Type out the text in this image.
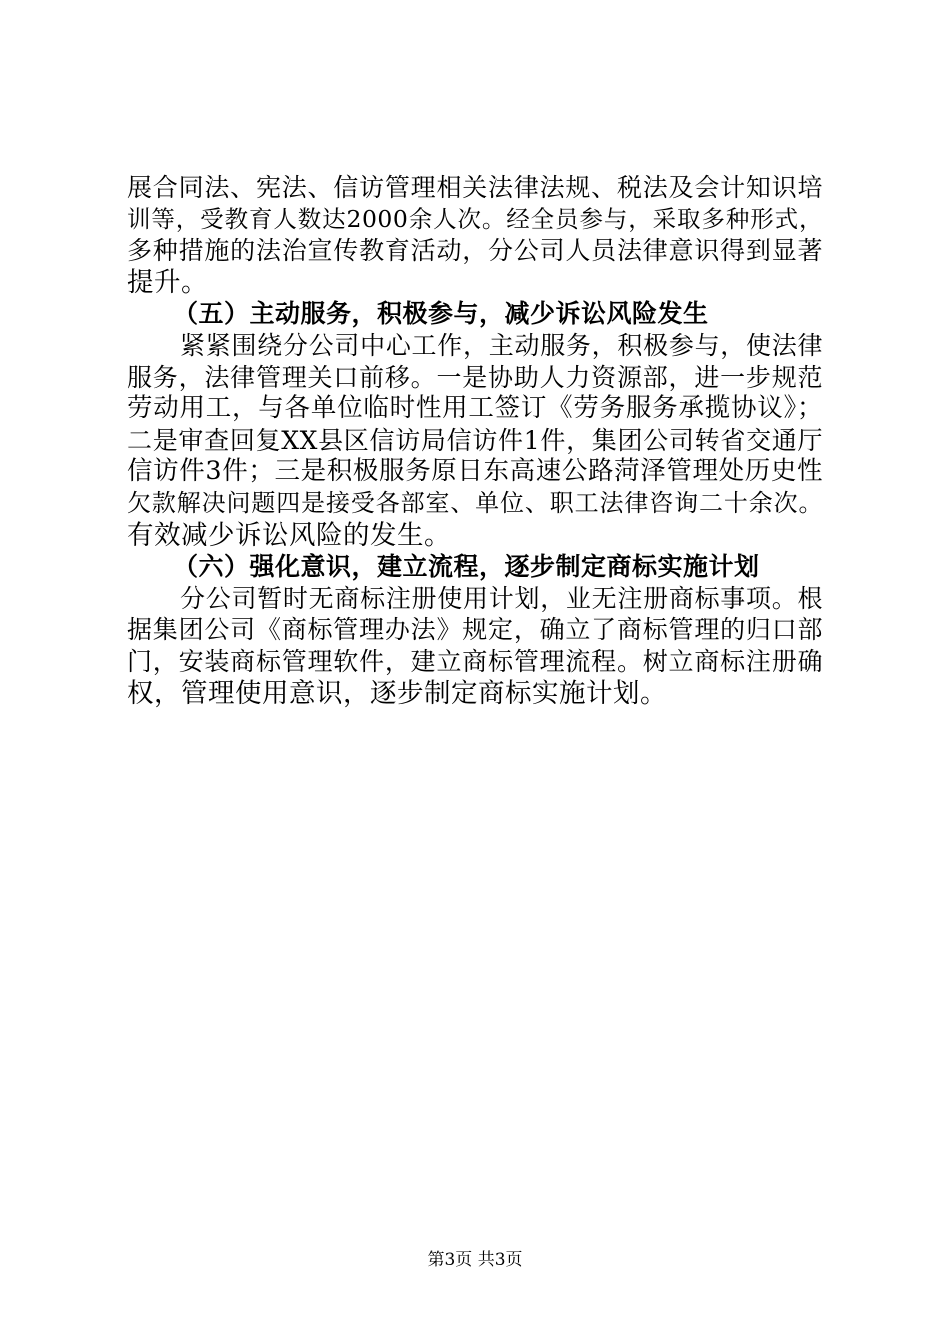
展合同法、宪法、信访管理相关法律法规、税法及会计知识培
训等，受教育人数达2000余人次。经全员参与，采取多种形式，
多种措施的法治宣传教育活动，分公司人员法律意识得到显著
提升。
（五）主动服务，积极参与，减少诉讼风险发生
紧紧围绕分公司中心工作，主动服务，积极参与，使法律
服务，法律管理关口前移。一是协助人力资源部，进一步规范
劳动用工，与各单位临时性用工签订《劳务服务承揽协议》；
二是审查回复XX县区信访局信访件1件，集团公司转省交通厅
信访件3件；三是积极服务原日东高速公路菏泽管理处历史性
欠款解决问题四是接受各部室、单位、职工法律咨询二十余次。
有效减少诉讼风险的发生。
（六）强化意识，建立流程，逐步制定商标实施计划
分公司暂时无商标注册使用计划，业无注册商标事项。根
据集团公司《商标管理办法》规定，确立了商标管理的归口部
门，安装商标管理软件，建立商标管理流程。树立商标注册确
权，管理使用意识，逐步制定商标实施计划。
第3页 共3页
